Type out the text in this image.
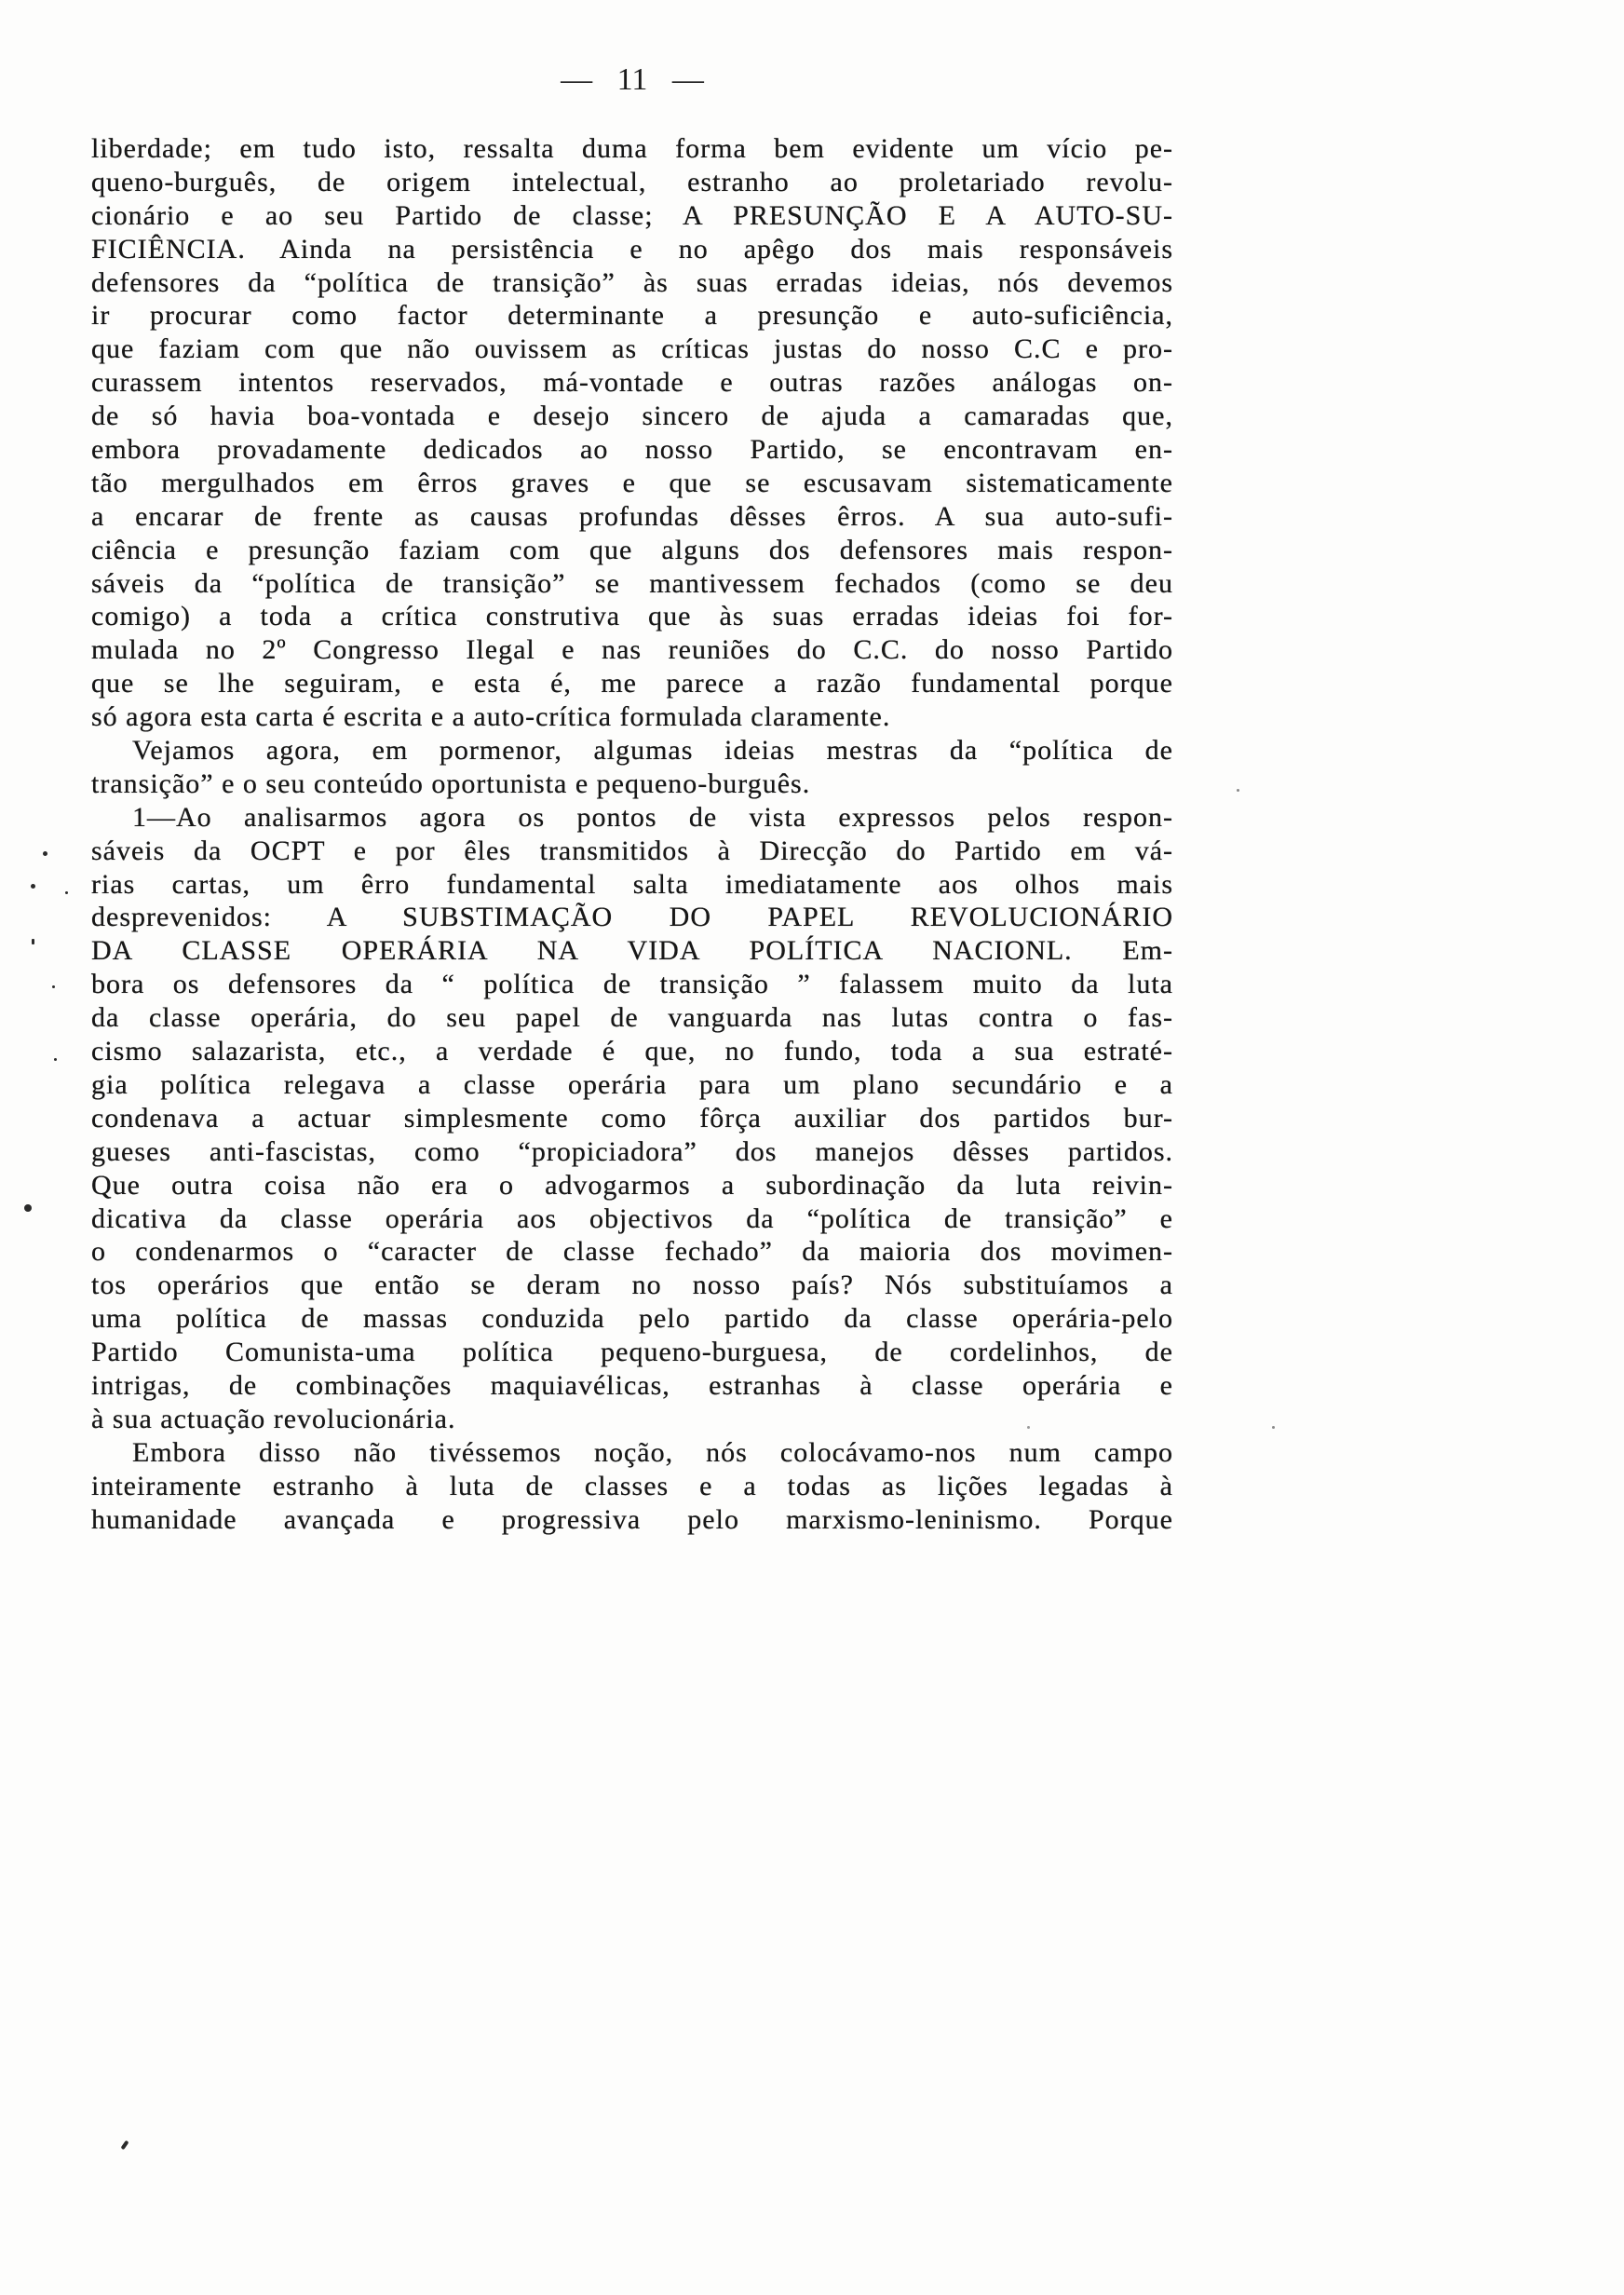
— 11 —
liberdade; em tudo isto, ressalta duma forma bem evidente um vício pe-
queno-burguês, de origem intelectual, estranho ao proletariado revolu-
cionário e ao seu Partido de classe; A PRESUNÇÃO E A AUTO-SU-
FICIÊNCIA. Ainda na persistência e no apêgo dos mais responsáveis
defensores da “política de transição” às suas erradas ideias, nós devemos
ir procurar como factor determinante a presunção e auto-suficiência,
que faziam com que não ouvissem as críticas justas do nosso C.C e pro-
curassem intentos reservados, má-vontade e outras razões análogas on-
de só havia boa-vontada e desejo sincero de ajuda a camaradas que,
embora provadamente dedicados ao nosso Partido, se encontravam en-
tão mergulhados em êrros graves e que se escusavam sistematicamente
a encarar de frente as causas profundas dêsses êrros. A sua auto-sufi-
ciência e presunção faziam com que alguns dos defensores mais respon-
sáveis da “política de transição” se mantivessem fechados (como se deu
comigo) a toda a crítica construtiva que às suas erradas ideias foi for-
mulada no 2º Congresso Ilegal e nas reuniões do C.C. do nosso Partido
que se lhe seguiram, e esta é, me parece a razão fundamental porque
só agora esta carta é escrita e a auto-crítica formulada claramente.
Vejamos agora, em pormenor, algumas ideias mestras da “política de
transição” e o seu conteúdo oportunista e pequeno-burguês.
1—Ao analisarmos agora os pontos de vista expressos pelos respon-
sáveis da OCPT e por êles transmitidos à Direcção do Partido em vá-
rias cartas, um êrro fundamental salta imediatamente aos olhos mais
desprevenidos: A SUBSTIMAÇÃO DO PAPEL REVOLUCIONÁRIO
DA CLASSE OPERÁRIA NA VIDA POLÍTICA NACIONL. Em-
bora os defensores da “ política de transição ” falassem muito da luta
da classe operária, do seu papel de vanguarda nas lutas contra o fas-
cismo salazarista, etc., a verdade é que, no fundo, toda a sua estraté-
gia política relegava a classe operária para um plano secundário e a
condenava a actuar simplesmente como fôrça auxiliar dos partidos bur-
gueses anti-fascistas, como “propiciadora” dos manejos dêsses partidos.
Que outra coisa não era o advogarmos a subordinação da luta reivin-
dicativa da classe operária aos objectivos da “política de transição” e
o condenarmos o “caracter de classe fechado” da maioria dos movimen-
tos operários que então se deram no nosso país? Nós substituíamos a
uma política de massas conduzida pelo partido da classe operária-pelo
Partido Comunista-uma política pequeno-burguesa, de cordelinhos, de
intrigas, de combinações maquiavélicas, estranhas à classe operária e
à sua actuação revolucionária.
Embora disso não tivéssemos noção, nós colocávamo-nos num campo
inteiramente estranho à luta de classes e a todas as lições legadas à
humanidade avançada e progressiva pelo marxismo-leninismo. Porque
